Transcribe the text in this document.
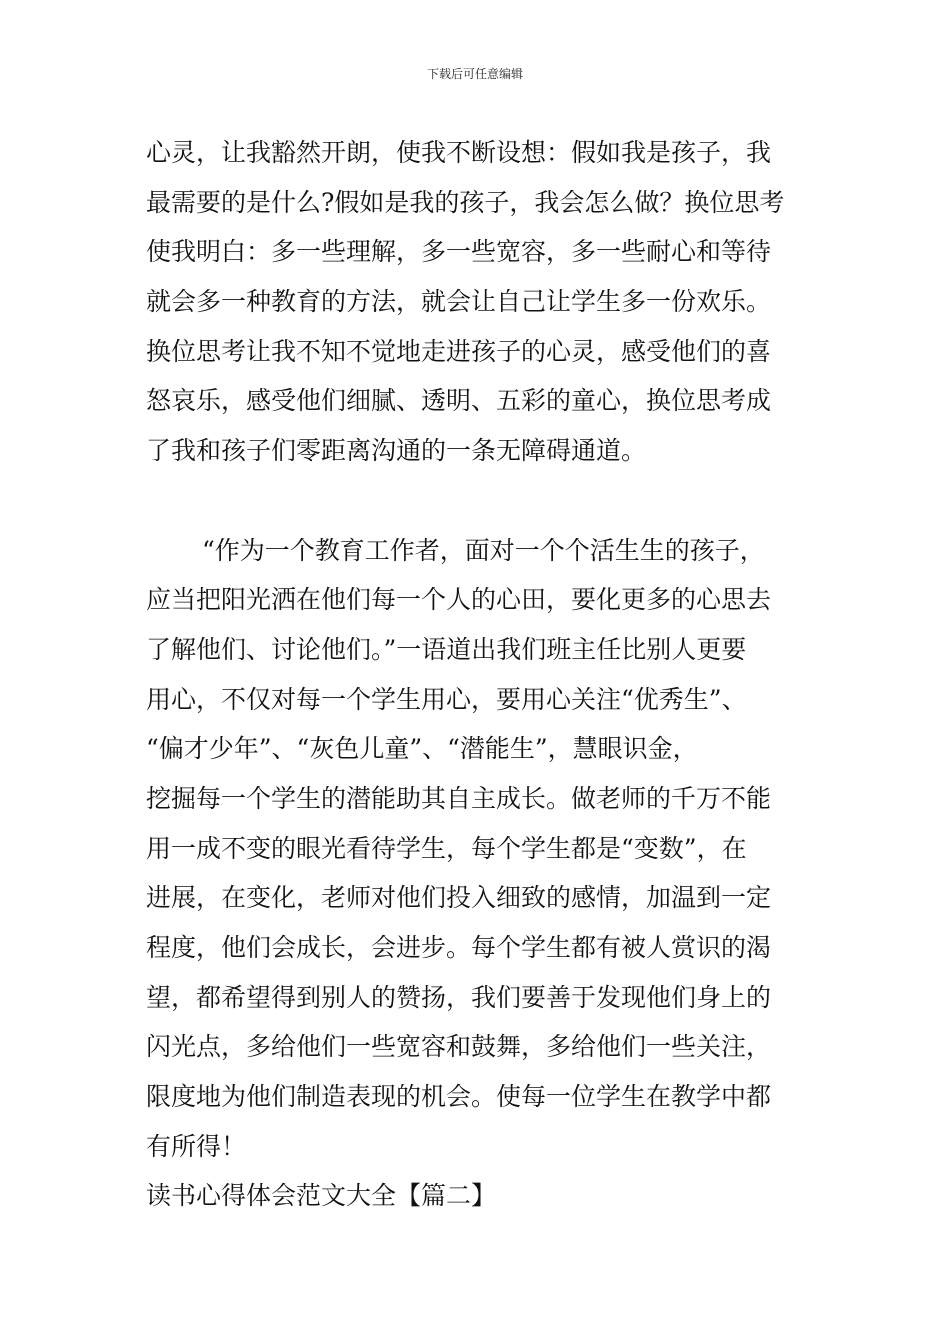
下载后可任意编辑
心灵，让我豁然开朗，使我不断设想：假如我是孩子，我
最需要的是什么?假如是我的孩子，我会怎么做？换位思考
使我明白：多一些理解，多一些宽容，多一些耐心和等待
就会多一种教育的方法，就会让自己让学生多一份欢乐。
换位思考让我不知不觉地走进孩子的心灵，感受他们的喜
怒哀乐，感受他们细腻、透明、五彩的童心，换位思考成
了我和孩子们零距离沟通的一条无障碍通道。
“作为一个教育工作者，面对一个个活生生的孩子，
应当把阳光洒在他们每一个人的心田，要化更多的心思去
了解他们、讨论他们。”一语道出我们班主任比别人更要
用心，不仅对每一个学生用心，要用心关注“优秀生”、
“偏才少年”、“灰色儿童”、“潜能生”，慧眼识金，
挖掘每一个学生的潜能助其自主成长。做老师的千万不能
用一成不变的眼光看待学生，每个学生都是“变数”，在
进展，在变化，老师对他们投入细致的感情，加温到一定
程度，他们会成长，会进步。每个学生都有被人赏识的渴
望，都希望得到别人的赞扬，我们要善于发现他们身上的
闪光点，多给他们一些宽容和鼓舞，多给他们一些关注，
限度地为他们制造表现的机会。使每一位学生在教学中都
有所得！
读书心得体会范文大全【篇二】
